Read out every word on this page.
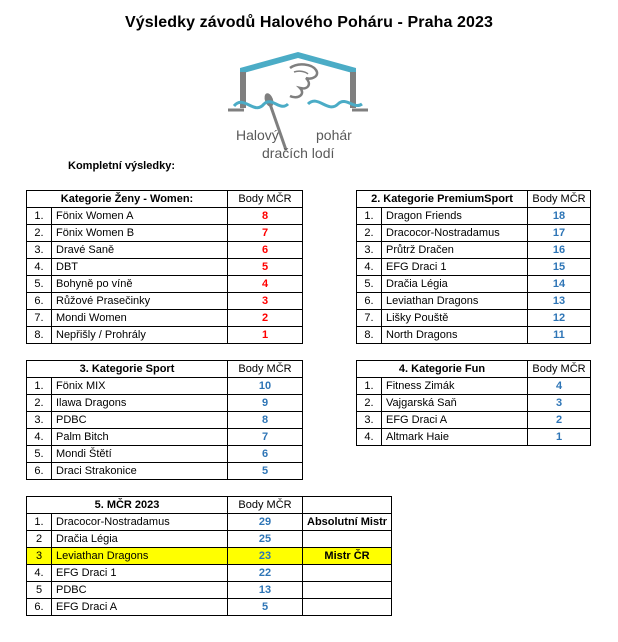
Výsledky závodů Halového Poháru - Praha 2023
Halový	pohár
dračích lodí
Kompletní výsledky:
Kategorie Ženy - Women:		Body MČR
1.	Fönix Women A	8
2.	Fönix Women B	7
3.	Dravé Saně	6
4.	DBT	5
5.	Bohyně po víně	4
6.	Růžové Prasečinky	3
7.	Mondi Women	2
8.	Nepřišly / Prohrály	1
2. Kategorie PremiumSport		Body MČR
1.	Dragon Friends	18
2.	Dracocor-Nostradamus	17
3.	Průtrž Dračen	16
4.	EFG Draci 1	15
5.	Dračia Légia	14
6.	Leviathan Dragons	13
7.	Lišky Pouště	12
8.	North Dragons	11
3. Kategorie Sport		Body MČR
1.	Fönix MIX	10
2.	Ilawa Dragons	9
3.	PDBC	8
4.	Palm Bitch	7
5.	Mondi Štětí	6
6.	Draci Strakonice	5
4. Kategorie Fun		Body MČR
1.	Fitness Zimák	4
2.	Vajgarská Saň	3
3.	EFG Draci A	2
4.	Altmark Haie	1
5. MČR 2023		Body MČR	
1.	Dracocor-Nostradamus	29	Absolutní Mistr
2	Dračia Légia	25	
3	Leviathan Dragons	23	Mistr ČR
4.	EFG Draci 1	22	
5	PDBC	13	
6.	EFG Draci A	5	
